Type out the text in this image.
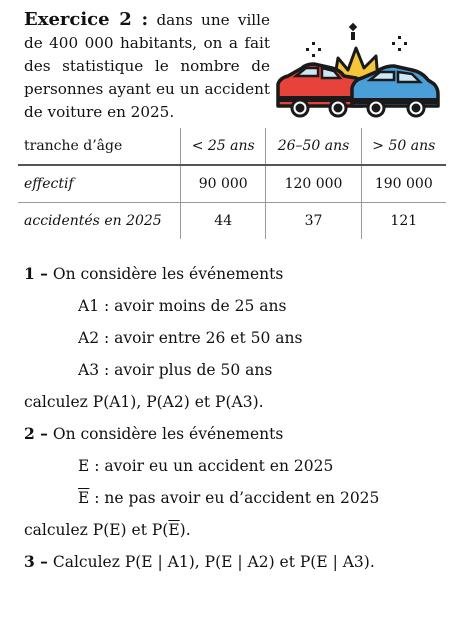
Exercice 2 : dans une ville de 400 000 habitants, on a fait des statistique le nombre de personnes ayant eu un accident de voiture en 2025.
tranche d’âge	< 25 ans	26–50 ans	> 50 ans
effectif	90 000	120 000	190 000
accidentés en 2025	44	37	121
1 – On considère les événements
A1 : avoir moins de 25 ans
A2 : avoir entre 26 et 50 ans
A3 : avoir plus de 50 ans
calculez P(A1), P(A2) et P(A3).
2 – On considère les événements
E : avoir eu un accident en 2025
$\overline{E}$ : ne pas avoir eu d’accident en 2025
calculez P(E) et $P(\overline{E})$.
3 – Calculez P(E | A1), P(E | A2) et P(E | A3).
